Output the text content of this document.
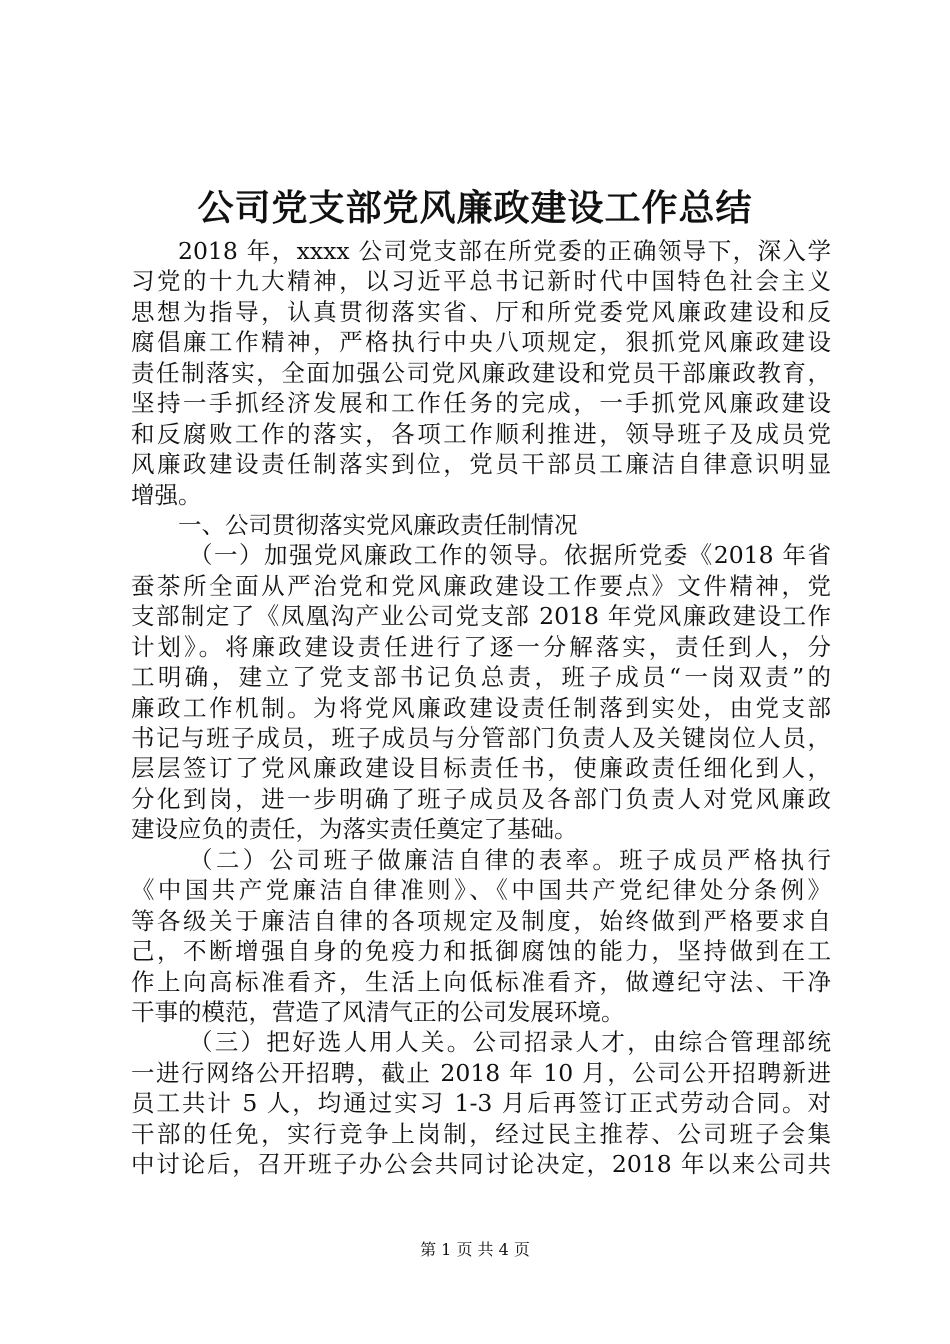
公司党支部党风廉政建设工作总结
2018 年，xxxx 公司党支部在所党委的正确领导下，深入学
习党的十九大精神，以习近平总书记新时代中国特色社会主义
思想为指导，认真贯彻落实省、厅和所党委党风廉政建设和反
腐倡廉工作精神，严格执行中央八项规定，狠抓党风廉政建设
责任制落实，全面加强公司党风廉政建设和党员干部廉政教育，
坚持一手抓经济发展和工作任务的完成，一手抓党风廉政建设
和反腐败工作的落实，各项工作顺利推进，领导班子及成员党
风廉政建设责任制落实到位，党员干部员工廉洁自律意识明显
增强。
一、公司贯彻落实党风廉政责任制情况
（一）加强党风廉政工作的领导。依据所党委《2018 年省
蚕茶所全面从严治党和党风廉政建设工作要点》文件精神，党
支部制定了《凤凰沟产业公司党支部 2018 年党风廉政建设工作
计划》。将廉政建设责任进行了逐一分解落实，责任到人，分
工明确，建立了党支部书记负总责，班子成员“一岗双责”的
廉政工作机制。为将党风廉政建设责任制落到实处，由党支部
书记与班子成员，班子成员与分管部门负责人及关键岗位人员，
层层签订了党风廉政建设目标责任书，使廉政责任细化到人，
分化到岗，进一步明确了班子成员及各部门负责人对党风廉政
建设应负的责任，为落实责任奠定了基础。
（二）公司班子做廉洁自律的表率。班子成员严格执行
《中国共产党廉洁自律准则》、《中国共产党纪律处分条例》
等各级关于廉洁自律的各项规定及制度，始终做到严格要求自
己，不断增强自身的免疫力和抵御腐蚀的能力，坚持做到在工
作上向高标准看齐，生活上向低标准看齐，做遵纪守法、干净
干事的模范，营造了风清气正的公司发展环境。
（三）把好选人用人关。公司招录人才，由综合管理部统
一进行网络公开招聘，截止 2018 年 10 月，公司公开招聘新进
员工共计 5 人，均通过实习 1-3 月后再签订正式劳动合同。对
干部的任免，实行竞争上岗制，经过民主推荐、公司班子会集
中讨论后，召开班子办公会共同讨论决定，2018 年以来公司共
第 1 页 共 4 页
